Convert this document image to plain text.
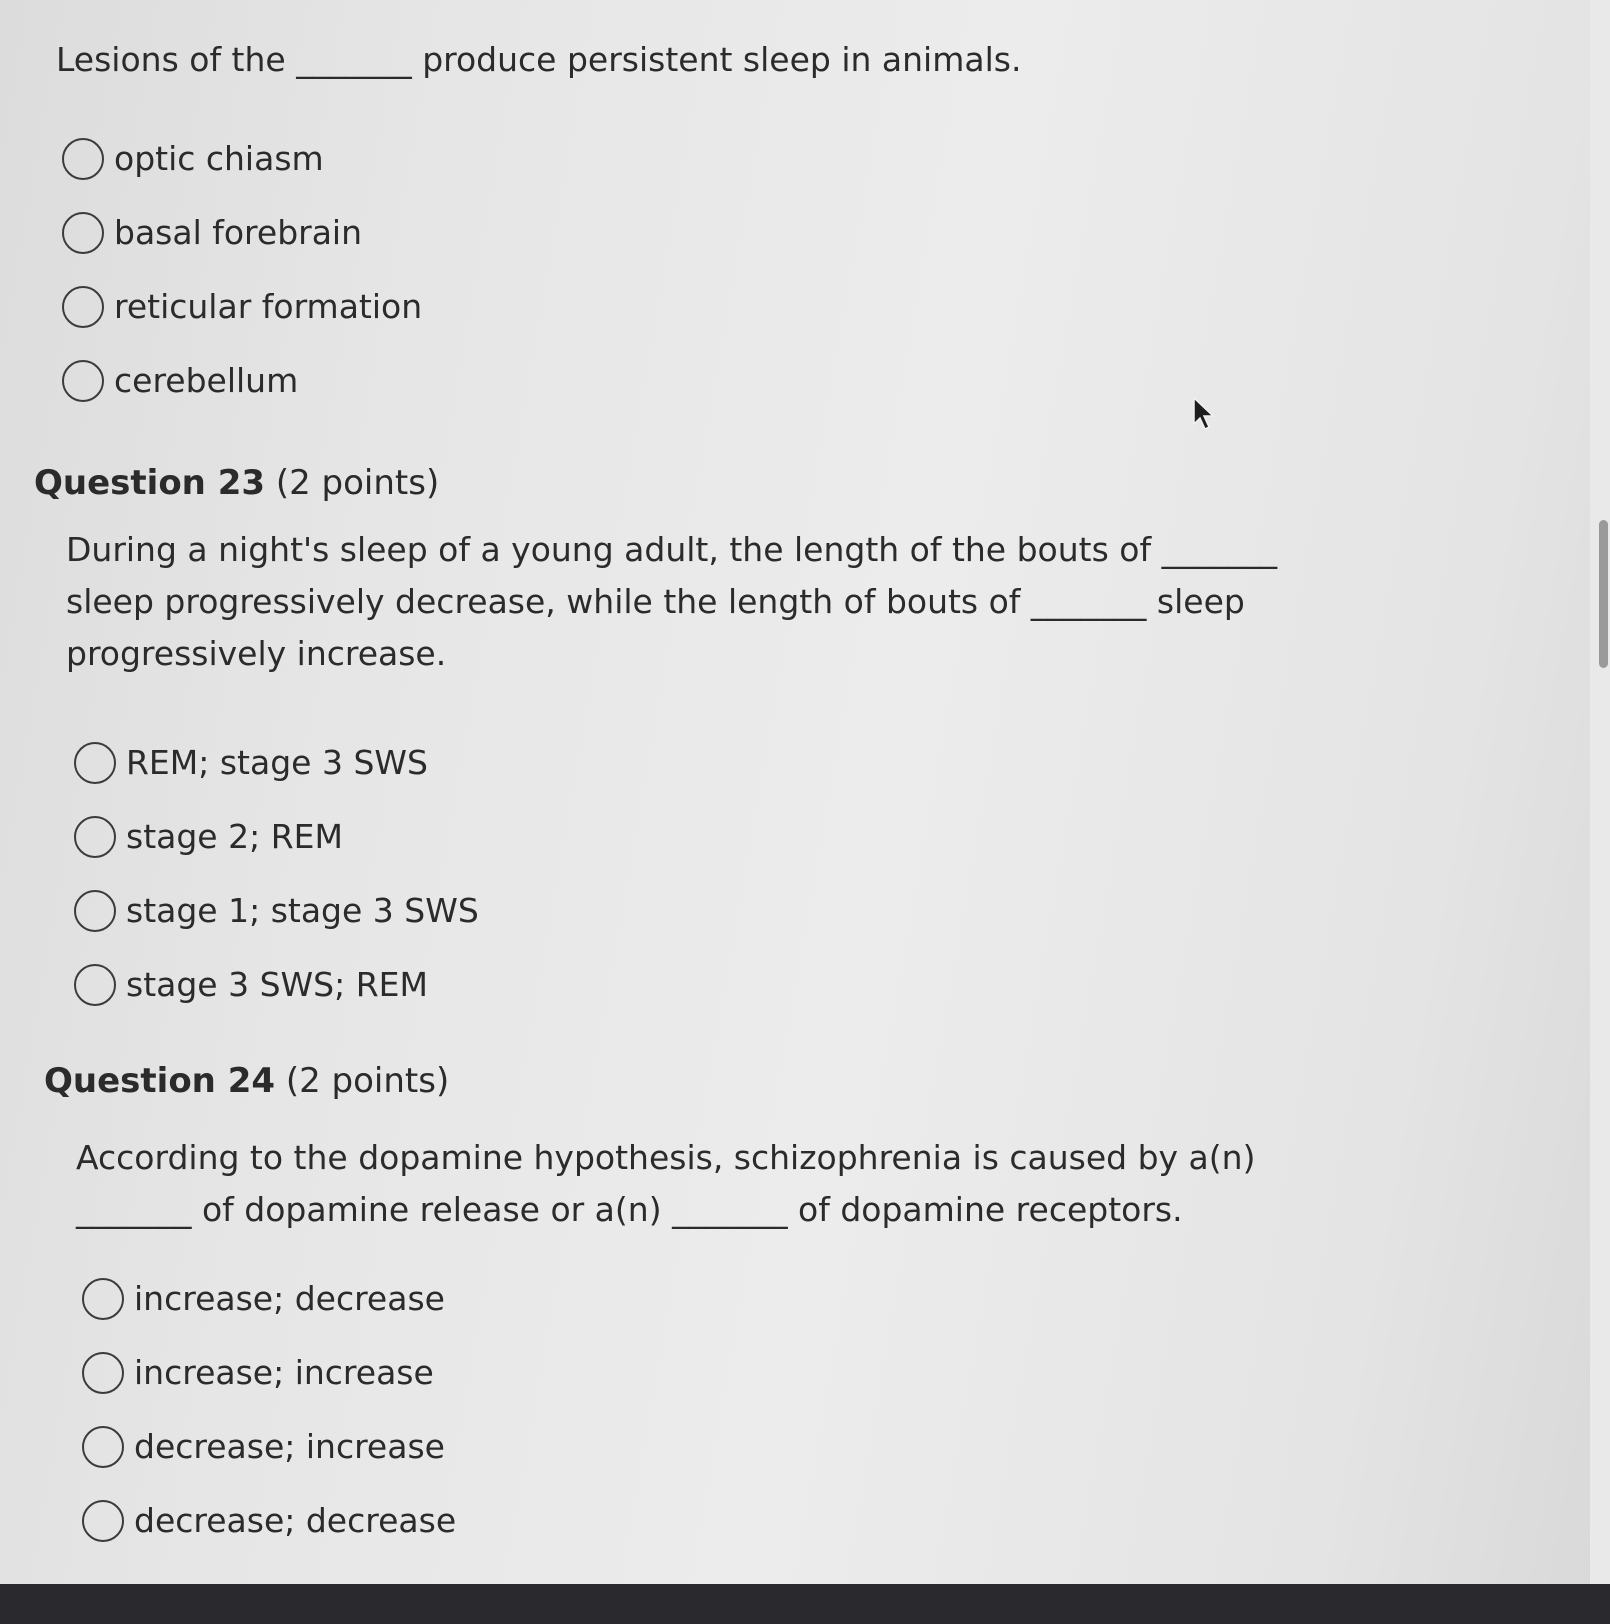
Lesions of the _______ produce persistent sleep in animals.

optic chiasm
basal forebrain
reticular formation
cerebellum
Question 23 (2 points)

During a night's sleep of a young adult, the length of the bouts of _______ sleep progressively decrease, while the length of bouts of _______ sleep progressively increase.

REM; stage 3 SWS
stage 2; REM
stage 1; stage 3 SWS
stage 3 SWS; REM
Question 24 (2 points)

According to the dopamine hypothesis, schizophrenia is caused by a(n) _______ of dopamine release or a(n) _______ of dopamine receptors.

increase; decrease
increase; increase
decrease; increase
decrease; decrease
